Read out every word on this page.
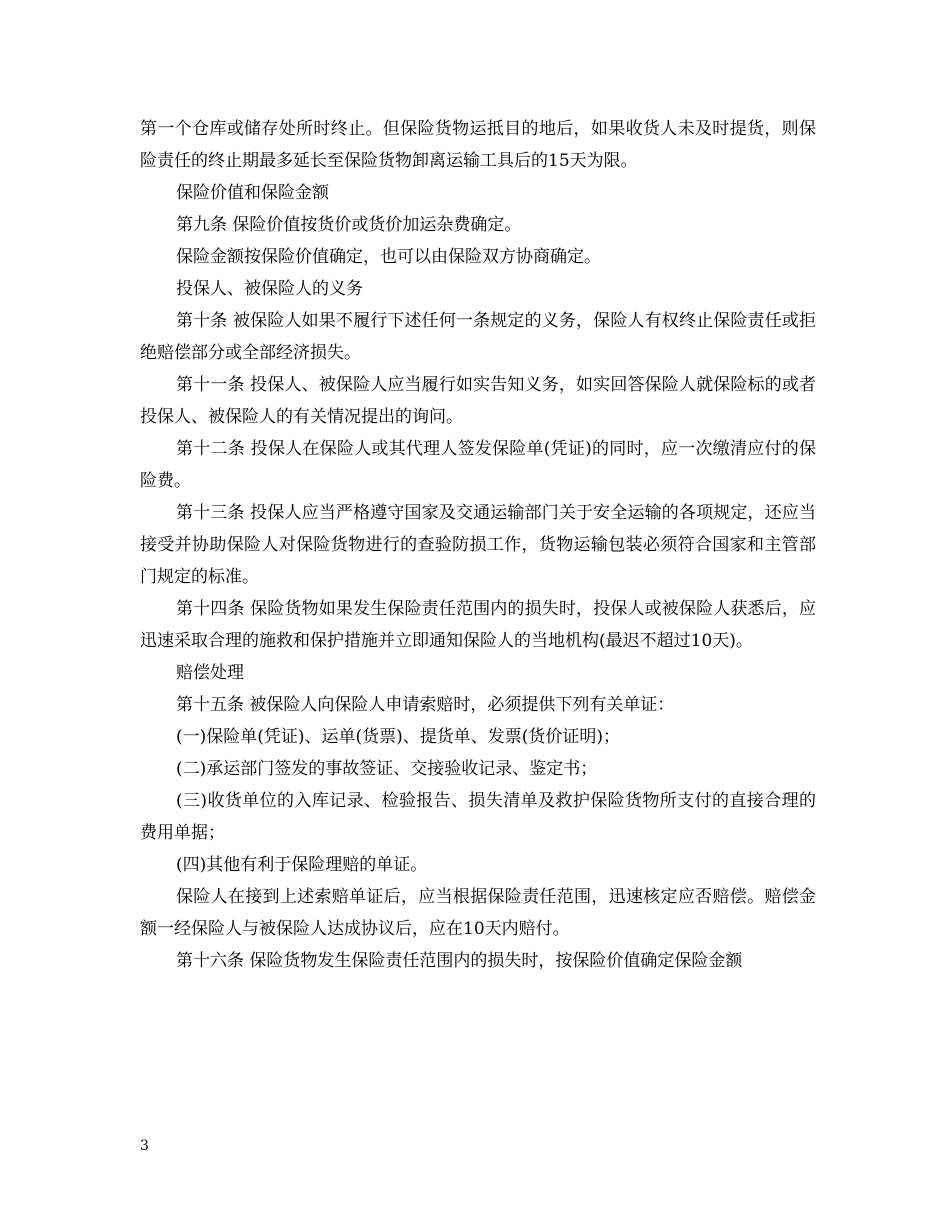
第一个仓库或储存处所时终止。但保险货物运抵目的地后，如果收货人未及时提货，则保险责任的终止期最多延长至保险货物卸离运输工具后的15天为限。

保险价值和保险金额

第九条 保险价值按货价或货价加运杂费确定。

保险金额按保险价值确定，也可以由保险双方协商确定。

投保人、被保险人的义务

第十条 被保险人如果不履行下述任何一条规定的义务，保险人有权终止保险责任或拒绝赔偿部分或全部经济损失。

第十一条 投保人、被保险人应当履行如实告知义务，如实回答保险人就保险标的或者投保人、被保险人的有关情况提出的询问。

第十二条 投保人在保险人或其代理人签发保险单(凭证)的同时，应一次缴清应付的保险费。

第十三条 投保人应当严格遵守国家及交通运输部门关于安全运输的各项规定，还应当接受并协助保险人对保险货物进行的查验防损工作，货物运输包装必须符合国家和主管部门规定的标准。

第十四条 保险货物如果发生保险责任范围内的损失时，投保人或被保险人获悉后，应迅速采取合理的施救和保护措施并立即通知保险人的当地机构(最迟不超过10天)。

赔偿处理

第十五条 被保险人向保险人申请索赔时，必须提供下列有关单证：

(一)保险单(凭证)、运单(货票)、提货单、发票(货价证明)；

(二)承运部门签发的事故签证、交接验收记录、鉴定书；

(三)收货单位的入库记录、检验报告、损失清单及救护保险货物所支付的直接合理的费用单据；

(四)其他有利于保险理赔的单证。

保险人在接到上述索赔单证后，应当根据保险责任范围，迅速核定应否赔偿。赔偿金额一经保险人与被保险人达成协议后，应在10天内赔付。

第十六条 保险货物发生保险责任范围内的损失时，按保险价值确定保险金额

3
